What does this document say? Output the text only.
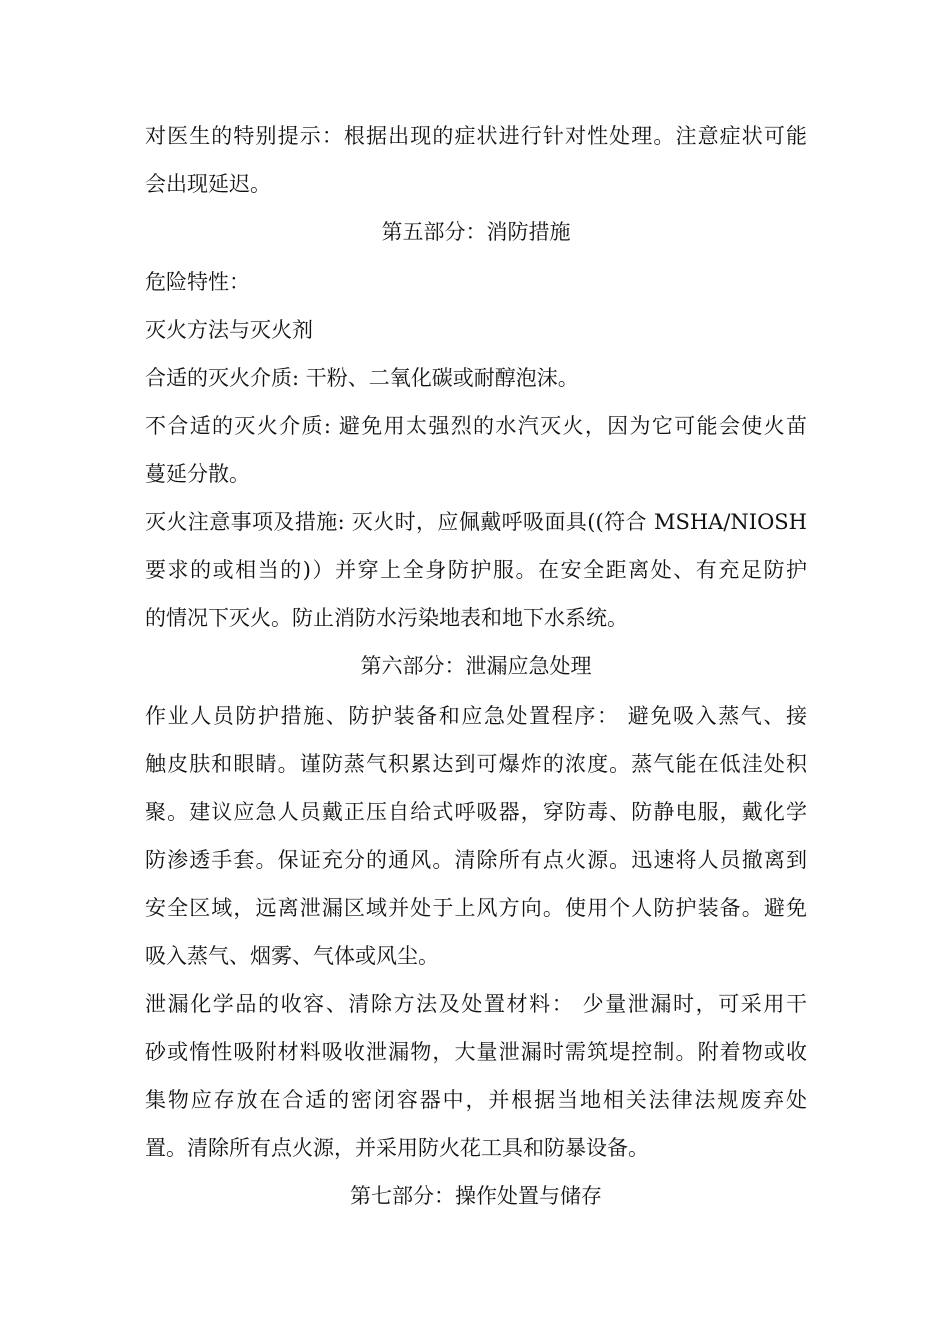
对医生的特别提示：根据出现的症状进行针对性处理。注意症状可能
会出现延迟。
第五部分：消防措施
危险特性：
灭火方法与灭火剂
合适的灭火介质: 干粉、二氧化碳或耐醇泡沫。
不合适的灭火介质: 避免用太强烈的水汽灭火，因为它可能会使火苗
蔓延分散。
灭火注意事项及措施: 灭火时，应佩戴呼吸面具((符合 MSHA/NIOSH
要求的或相当的)）并穿上全身防护服。在安全距离处、有充足防护
的情况下灭火。防止消防水污染地表和地下水系统。
第六部分：泄漏应急处理
作业人员防护措施、防护装备和应急处置程序： 避免吸入蒸气、接
触皮肤和眼睛。谨防蒸气积累达到可爆炸的浓度。蒸气能在低洼处积
聚。建议应急人员戴正压自给式呼吸器，穿防毒、防静电服，戴化学
防渗透手套。保证充分的通风。清除所有点火源。迅速将人员撤离到
安全区域，远离泄漏区域并处于上风方向。使用个人防护装备。避免
吸入蒸气、烟雾、气体或风尘。
泄漏化学品的收容、清除方法及处置材料： 少量泄漏时，可采用干
砂或惰性吸附材料吸收泄漏物，大量泄漏时需筑堤控制。附着物或收
集物应存放在合适的密闭容器中，并根据当地相关法律法规废弃处
置。清除所有点火源，并采用防火花工具和防暴设备。
第七部分：操作处置与储存
